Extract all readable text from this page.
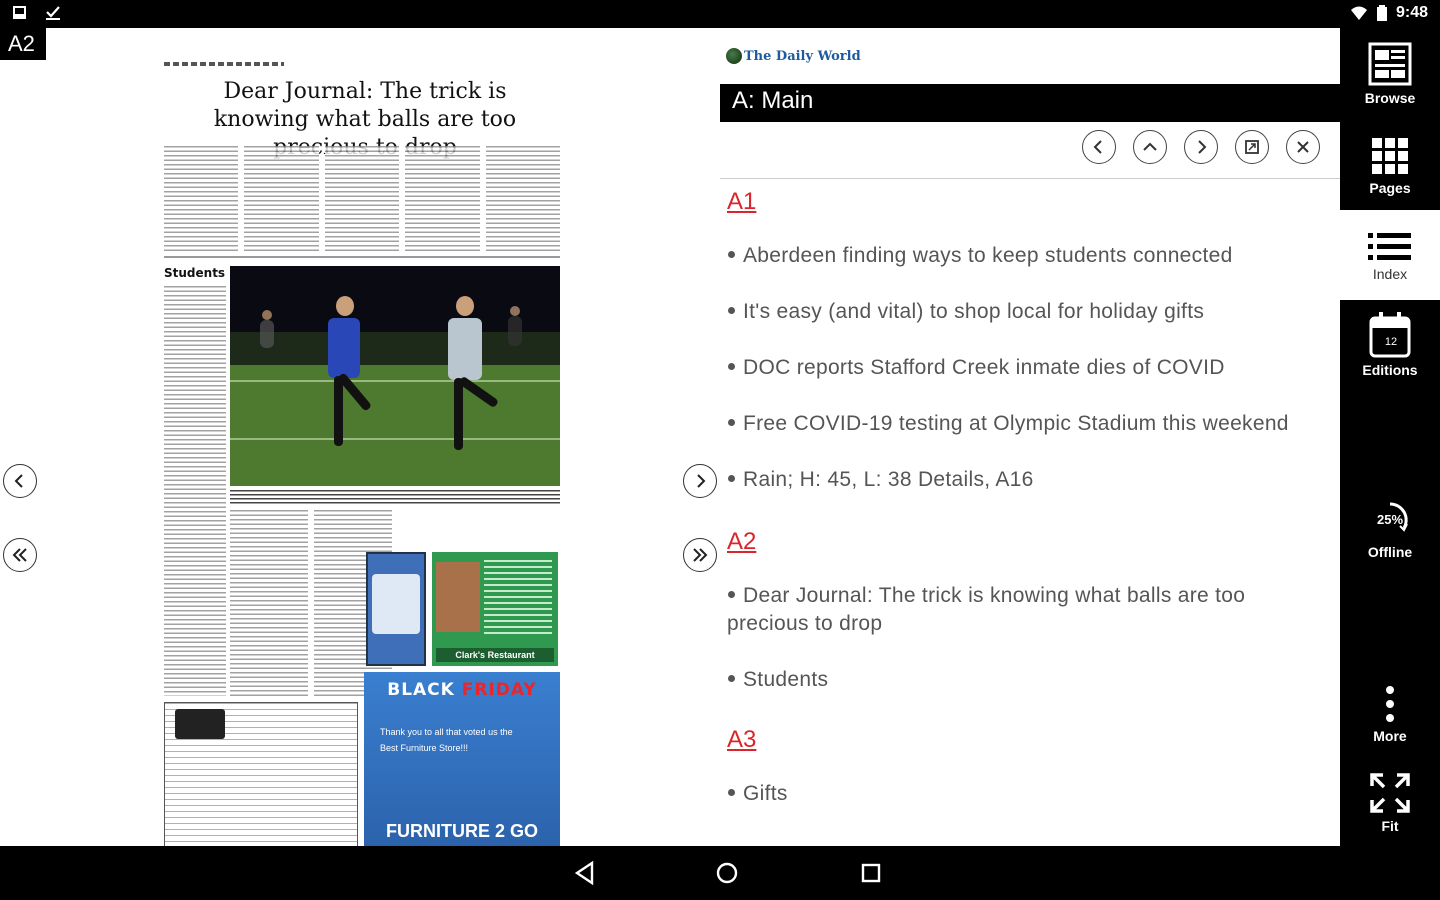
9:48
Dear Journal: The trick is knowing what balls are too precious
Students
Clark's Restaurant
BLACK FRIDAY
Thank you to all that voted us the Best Furniture Store!!!
FURNITURE 2 GO
A2	The Daily World
A: Main
A1
Aberdeen finding ways to keep students connected
It's easy (and vital) to shop local for holiday gifts
DOC reports Stafford Creek inmate dies of COVID
Free COVID-19 testing at Olympic Stadium this weekend
Rain; H: 45, L: 38 Details, A16
A2
Dear Journal: The trick is knowing what balls are too precious to drop
Students
A3
Gifts
Browse
Pages
Index
12
Editions
25%
Offline
More
Fit
